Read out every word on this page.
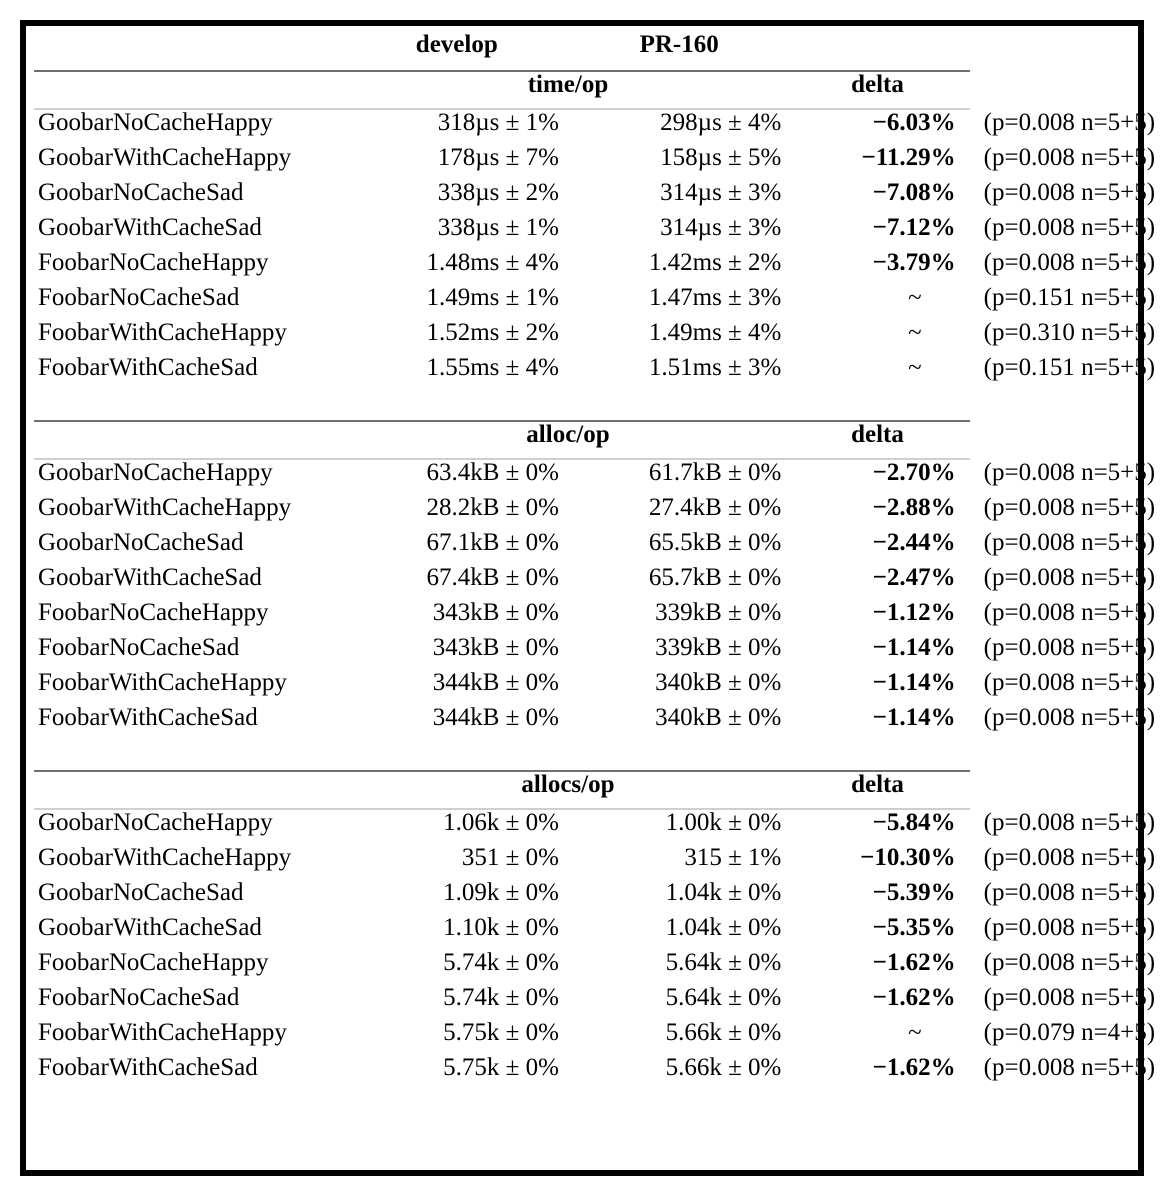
	develop	PR-160		
	time/op		delta	
GoobarNoCacheHappy	318µs ± 1%	298µs ± 4%	−6.03%	(p=0.008 n=5+5)
GoobarWithCacheHappy	178µs ± 7%	158µs ± 5%	−11.29%	(p=0.008 n=5+5)
GoobarNoCacheSad	338µs ± 2%	314µs ± 3%	−7.08%	(p=0.008 n=5+5)
GoobarWithCacheSad	338µs ± 1%	314µs ± 3%	−7.12%	(p=0.008 n=5+5)
FoobarNoCacheHappy	1.48ms ± 4%	1.42ms ± 2%	−3.79%	(p=0.008 n=5+5)
FoobarNoCacheSad	1.49ms ± 1%	1.47ms ± 3%	~	(p=0.151 n=5+5)
FoobarWithCacheHappy	1.52ms ± 2%	1.49ms ± 4%	~	(p=0.310 n=5+5)
FoobarWithCacheSad	1.55ms ± 4%	1.51ms ± 3%	~	(p=0.151 n=5+5)

	alloc/op		delta	
GoobarNoCacheHappy	63.4kB ± 0%	61.7kB ± 0%	−2.70%	(p=0.008 n=5+5)
GoobarWithCacheHappy	28.2kB ± 0%	27.4kB ± 0%	−2.88%	(p=0.008 n=5+5)
GoobarNoCacheSad	67.1kB ± 0%	65.5kB ± 0%	−2.44%	(p=0.008 n=5+5)
GoobarWithCacheSad	67.4kB ± 0%	65.7kB ± 0%	−2.47%	(p=0.008 n=5+5)
FoobarNoCacheHappy	343kB ± 0%	339kB ± 0%	−1.12%	(p=0.008 n=5+5)
FoobarNoCacheSad	343kB ± 0%	339kB ± 0%	−1.14%	(p=0.008 n=5+5)
FoobarWithCacheHappy	344kB ± 0%	340kB ± 0%	−1.14%	(p=0.008 n=5+5)
FoobarWithCacheSad	344kB ± 0%	340kB ± 0%	−1.14%	(p=0.008 n=5+5)

	allocs/op		delta	
GoobarNoCacheHappy	1.06k ± 0%	1.00k ± 0%	−5.84%	(p=0.008 n=5+5)
GoobarWithCacheHappy	351 ± 0%	315 ± 1%	−10.30%	(p=0.008 n=5+5)
GoobarNoCacheSad	1.09k ± 0%	1.04k ± 0%	−5.39%	(p=0.008 n=5+5)
GoobarWithCacheSad	1.10k ± 0%	1.04k ± 0%	−5.35%	(p=0.008 n=5+5)
FoobarNoCacheHappy	5.74k ± 0%	5.64k ± 0%	−1.62%	(p=0.008 n=5+5)
FoobarNoCacheSad	5.74k ± 0%	5.64k ± 0%	−1.62%	(p=0.008 n=5+5)
FoobarWithCacheHappy	5.75k ± 0%	5.66k ± 0%	~	(p=0.079 n=4+5)
FoobarWithCacheSad	5.75k ± 0%	5.66k ± 0%	−1.62%	(p=0.008 n=5+5)
